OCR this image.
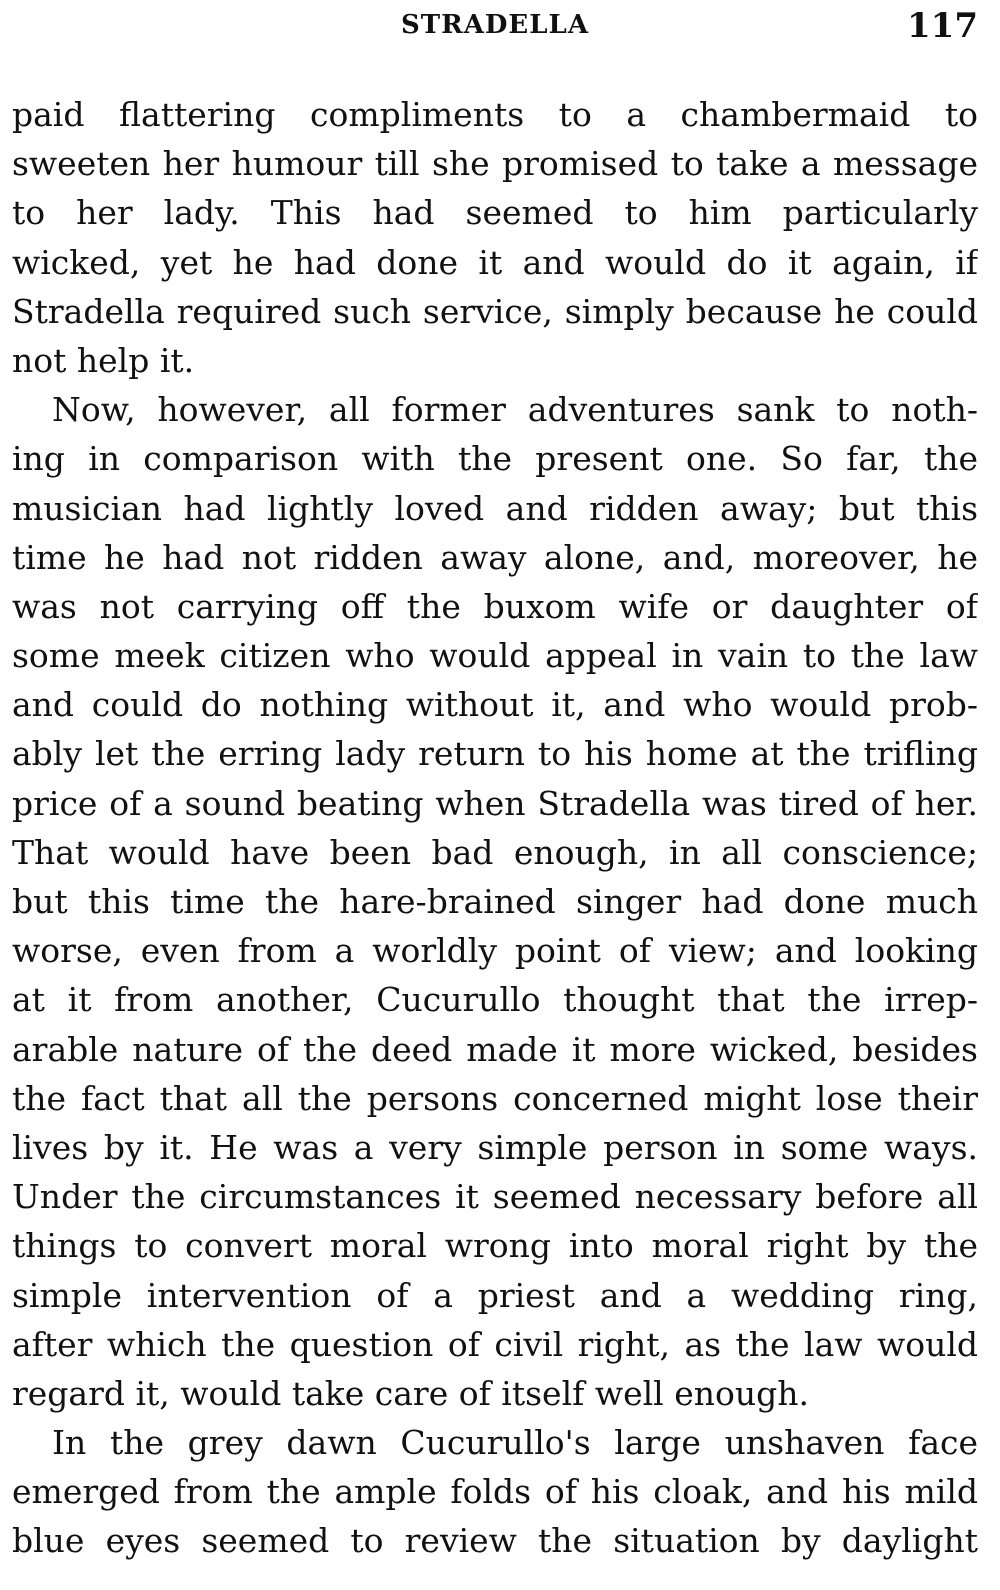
STRADELLA	117
paid flattering compliments to a chambermaid to
sweeten her humour till she promised to take a message
to her lady. This had seemed to him particularly
wicked, yet he had done it and would do it again, if
Stradella required such service, simply because he could
not help it.
Now, however, all former adventures sank to noth-
ing in comparison with the present one. So far, the
musician had lightly loved and ridden away; but this
time he had not ridden away alone, and, moreover, he
was not carrying off the buxom wife or daughter of
some meek citizen who would appeal in vain to the law
and could do nothing without it, and who would prob-
ably let the erring lady return to his home at the trifling
price of a sound beating when Stradella was tired of her.
That would have been bad enough, in all conscience;
but this time the hare-brained singer had done much
worse, even from a worldly point of view; and looking
at it from another, Cucurullo thought that the irrep-
arable nature of the deed made it more wicked, besides
the fact that all the persons concerned might lose their
lives by it. He was a very simple person in some ways.
Under the circumstances it seemed necessary before all
things to convert moral wrong into moral right by the
simple intervention of a priest and a wedding ring,
after which the question of civil right, as the law would
regard it, would take care of itself well enough.
In the grey dawn Cucurullo's large unshaven face
emerged from the ample folds of his cloak, and his mild
blue eyes seemed to review the situation by daylight
